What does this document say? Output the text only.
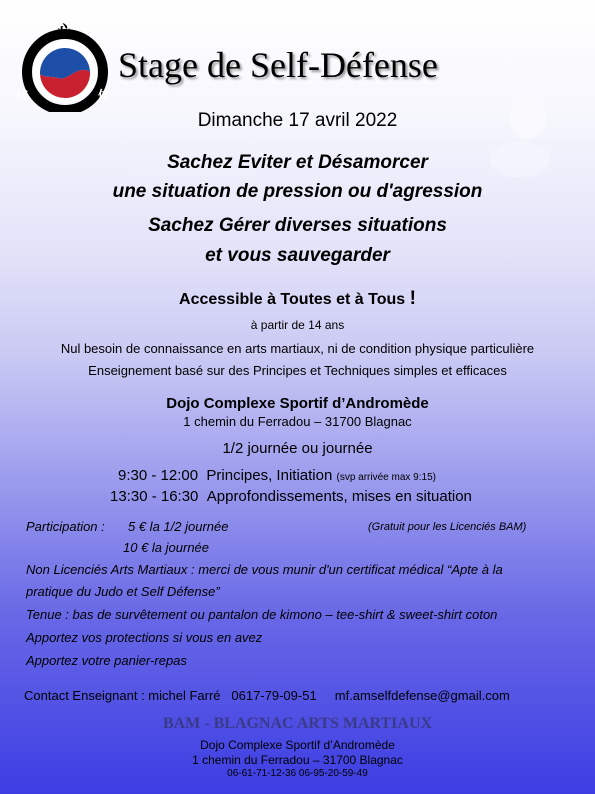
心
技	体
Stage de Self-Défense
Dimanche 17 avril 2022
Sachez Eviter et Désamorcer
une situation de pression ou d'agression
Sachez Gérer diverses situations
et vous sauvegarder
Accessible à Toutes et à Tous !
à partir de 14 ans
Nul besoin de connaissance en arts martiaux, ni de condition physique particulière
Enseignement basé sur des Principes et Techniques simples et efficaces
Dojo Complexe Sportif d’Andromède
1 chemin du Ferradou – 31700 Blagnac
1/2 journée ou journée
9:30 - 12:00 Principes, Initiation (svp arrivée max 9:15)
13:30 - 16:30 Approfondissements, mises en situation
Participation : 5 € la 1/2 journée	(Gratuit pour les Licenciés BAM)
10 € la journée
Non Licenciés Arts Martiaux : merci de vous munir d'un certificat médical “Apte à la
pratique du Judo et Self Défense”
Tenue : bas de survêtement ou pantalon de kimono – tee-shirt & sweet-shirt coton
Apportez vos protections si vous en avez
Apportez votre panier-repas
Contact Enseignant : michel Farré 0617-79-09-51 mf.amselfdefense@gmail.com
BAM - BLAGNAC ARTS MARTIAUX
Dojo Complexe Sportif d’Andromède
1 chemin du Ferradou – 31700 Blagnac
06-61-71-12-36 06-95-20-59-49
